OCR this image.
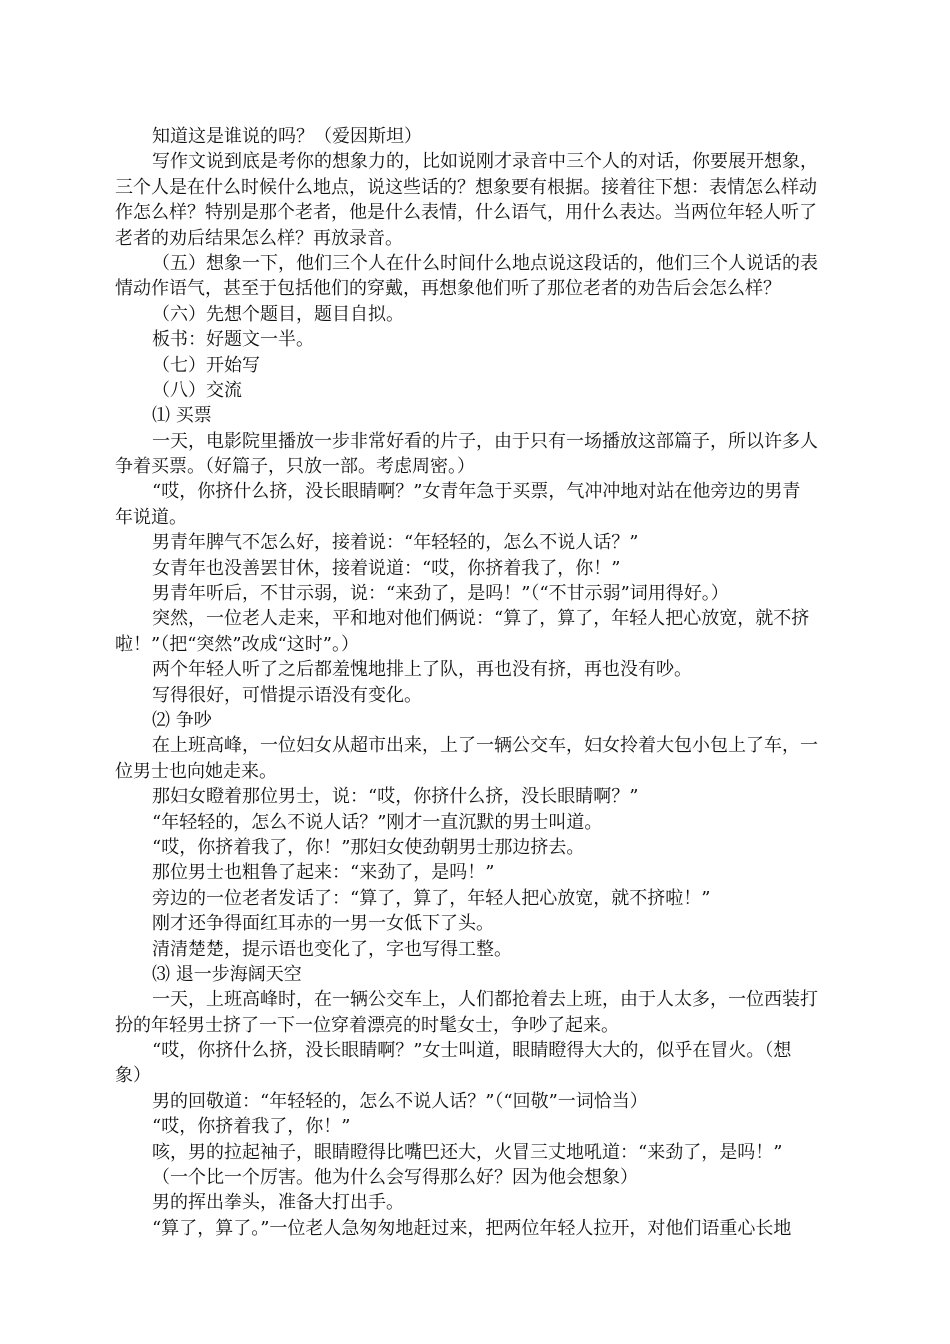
知道这是谁说的吗？（爱因斯坦）
写作文说到底是考你的想象力的，比如说刚才录音中三个人的对话，你要展开想象，
三个人是在什么时候什么地点，说这些话的？想象要有根据。接着往下想：表情怎么样动
作怎么样？特别是那个老者，他是什么表情，什么语气，用什么表达。当两位年轻人听了
老者的劝后结果怎么样？再放录音。
（五）想象一下，他们三个人在什么时间什么地点说这段话的，他们三个人说话的表
情动作语气，甚至于包括他们的穿戴，再想象他们听了那位老者的劝告后会怎么样？
（六）先想个题目，题目自拟。
板书：好题文一半。
（七）开始写
（八）交流
⑴ 买票
一天，电影院里播放一步非常好看的片子，由于只有一场播放这部篇子，所以许多人
争着买票。（好篇子，只放一部。考虑周密。）
“哎，你挤什么挤，没长眼睛啊？”女青年急于买票，气冲冲地对站在他旁边的男青
年说道。
男青年脾气不怎么好，接着说：“年轻轻的，怎么不说人话？”
女青年也没善罢甘休，接着说道：“哎，你挤着我了，你！”
男青年听后，不甘示弱，说：“来劲了，是吗！”（“不甘示弱”词用得好。）
突然，一位老人走来，平和地对他们俩说：“算了，算了，年轻人把心放宽，就不挤
啦！”（把“突然”改成“这时”。）
两个年轻人听了之后都羞愧地排上了队，再也没有挤，再也没有吵。
写得很好，可惜提示语没有变化。
⑵ 争吵
在上班高峰，一位妇女从超市出来，上了一辆公交车，妇女拎着大包小包上了车，一
位男士也向她走来。
那妇女瞪着那位男士，说：“哎，你挤什么挤，没长眼睛啊？”
“年轻轻的，怎么不说人话？”刚才一直沉默的男士叫道。
“哎，你挤着我了，你！”那妇女使劲朝男士那边挤去。
那位男士也粗鲁了起来：“来劲了，是吗！”
旁边的一位老者发话了：“算了，算了，年轻人把心放宽，就不挤啦！”
刚才还争得面红耳赤的一男一女低下了头。
清清楚楚，提示语也变化了，字也写得工整。
⑶ 退一步海阔天空
一天，上班高峰时，在一辆公交车上，人们都抢着去上班，由于人太多，一位西装打
扮的年轻男士挤了一下一位穿着漂亮的时髦女士，争吵了起来。
“哎，你挤什么挤，没长眼睛啊？”女士叫道，眼睛瞪得大大的，似乎在冒火。（想
象）
男的回敬道：“年轻轻的，怎么不说人话？”（“回敬”一词恰当）
“哎，你挤着我了，你！”
咳，男的拉起袖子，眼睛瞪得比嘴巴还大，火冒三丈地吼道：“来劲了，是吗！”
（一个比一个厉害。他为什么会写得那么好？因为他会想象）
男的挥出拳头，准备大打出手。
“算了，算了。”一位老人急匆匆地赶过来，把两位年轻人拉开，对他们语重心长地
